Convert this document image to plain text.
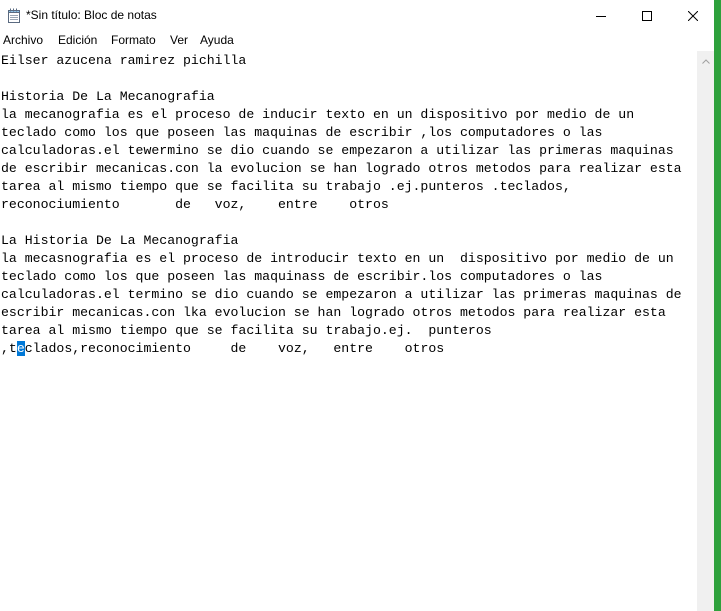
*Sin título: Bloc de notas
Archivo Edición Formato Ver Ayuda
Eilser azucena ramirez pichilla

Historia De La Mecanografia
la mecanografia es el proceso de inducir texto en un dispositivo por medio de un
teclado como los que poseen las maquinas de escribir ,los computadores o las
calculadoras.el tewermino se dio cuando se empezaron a utilizar las primeras maquinas
de escribir mecanicas.con la evolucion se han logrado otros metodos para realizar esta
tarea al mismo tiempo que se facilita su trabajo .ej.punteros .teclados,
reconociumiento       de   voz,    entre    otros

La Historia De La Mecanografia
la mecasnografia es el proceso de introducir texto en un  dispositivo por medio de un
teclado como los que poseen las maquinass de escribir.los computadores o las
calculadoras.el termino se dio cuando se empezaron a utilizar las primeras maquinas de
escribir mecanicas.con lka evolucion se han logrado otros metodos para realizar esta
tarea al mismo tiempo que se facilita su trabajo.ej.  punteros
,teclados,reconocimiento     de    voz,   entre    otros
